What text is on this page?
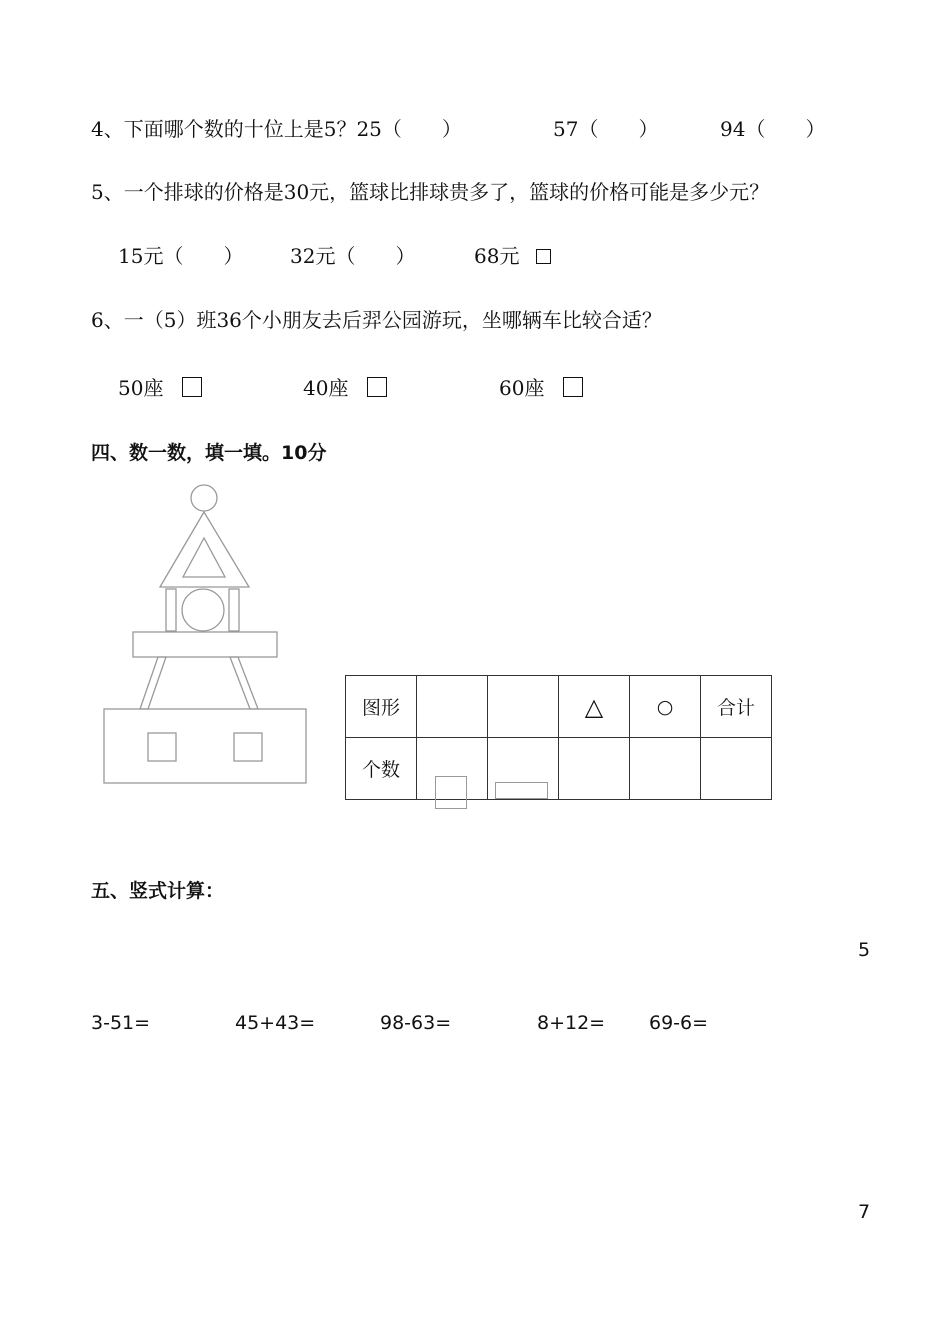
4、下面哪个数的十位上是5？25（　　）	57（　　）	94（　　）
5、一个排球的价格是30元，篮球比排球贵多了，篮球的价格可能是多少元？
15元（　　） 32元（　　）	68元
6、一（5）班36个小朋友去后羿公园游玩，坐哪辆车比较合适？
50座	40座	60座
四、数一数，填一填。10分
图形			△	○	合计
个数	

五、竖式计算：
5
3-51=	45+43=	98-63=	8+12= 69-6=
7
